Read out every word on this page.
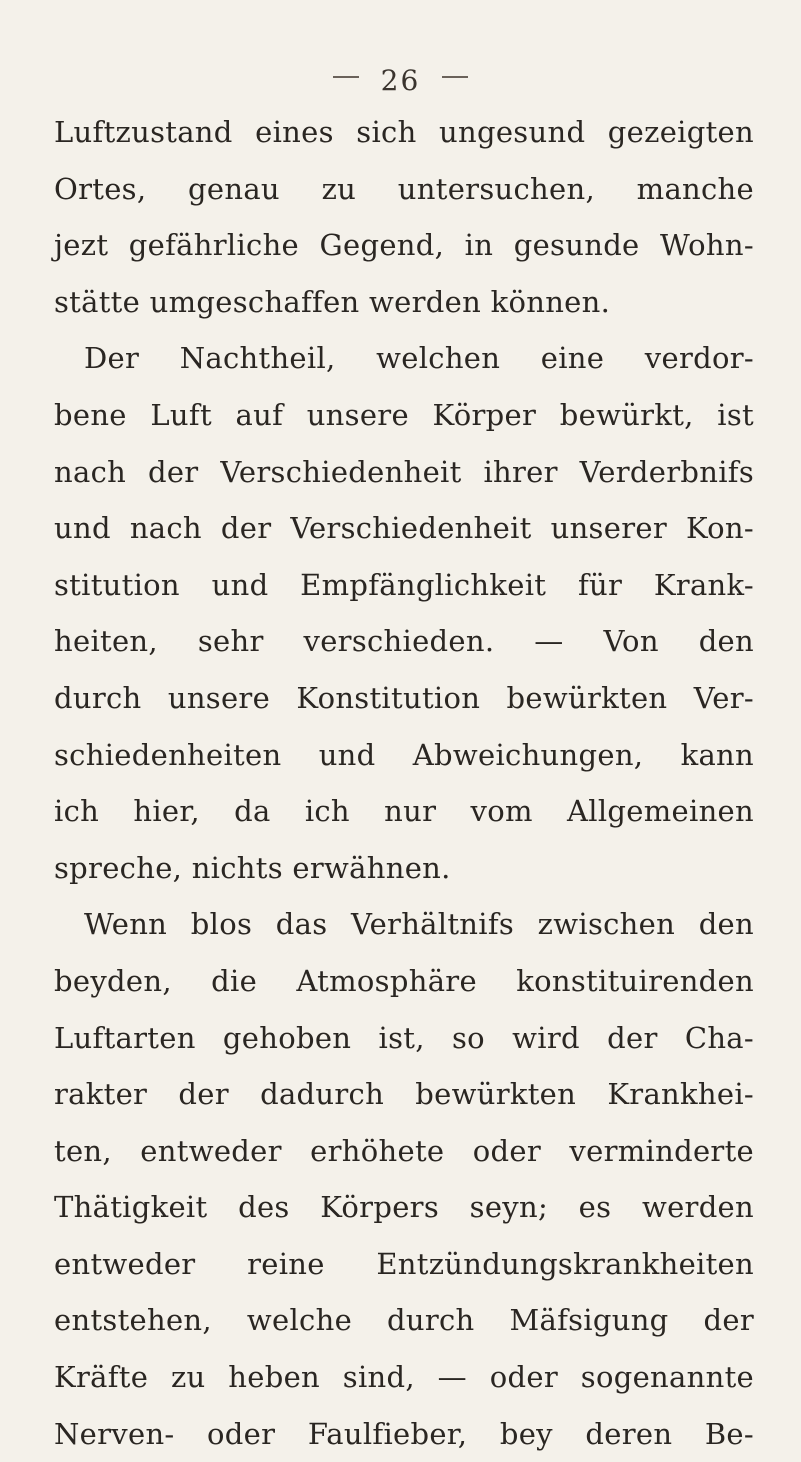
26
Luftzustand eines sich ungesund gezeigten
Ortes, genau zu untersuchen, manche
jezt gefährliche Gegend, in gesunde Wohn-
stätte umgeschaffen werden können.
Der Nachtheil, welchen eine verdor-
bene Luft auf unsere Körper bewürkt, ist
nach der Verschiedenheit ihrer Verderbnifs
und nach der Verschiedenheit unserer Kon-
stitution und Empfänglichkeit für Krank-
heiten, sehr verschieden. — Von den
durch unsere Konstitution bewürkten Ver-
schiedenheiten und Abweichungen, kann
ich hier, da ich nur vom Allgemeinen
spreche, nichts erwähnen.
Wenn blos das Verhältnifs zwischen den
beyden, die Atmosphäre konstituirenden
Luftarten gehoben ist, so wird der Cha-
rakter der dadurch bewürkten Krankhei-
ten, entweder erhöhete oder verminderte
Thätigkeit des Körpers seyn; es werden
entweder reine Entzündungskrankheiten
entstehen, welche durch Mäfsigung der
Kräfte zu heben sind, — oder sogenannte
Nerven- oder Faulfieber, bey deren Be-
